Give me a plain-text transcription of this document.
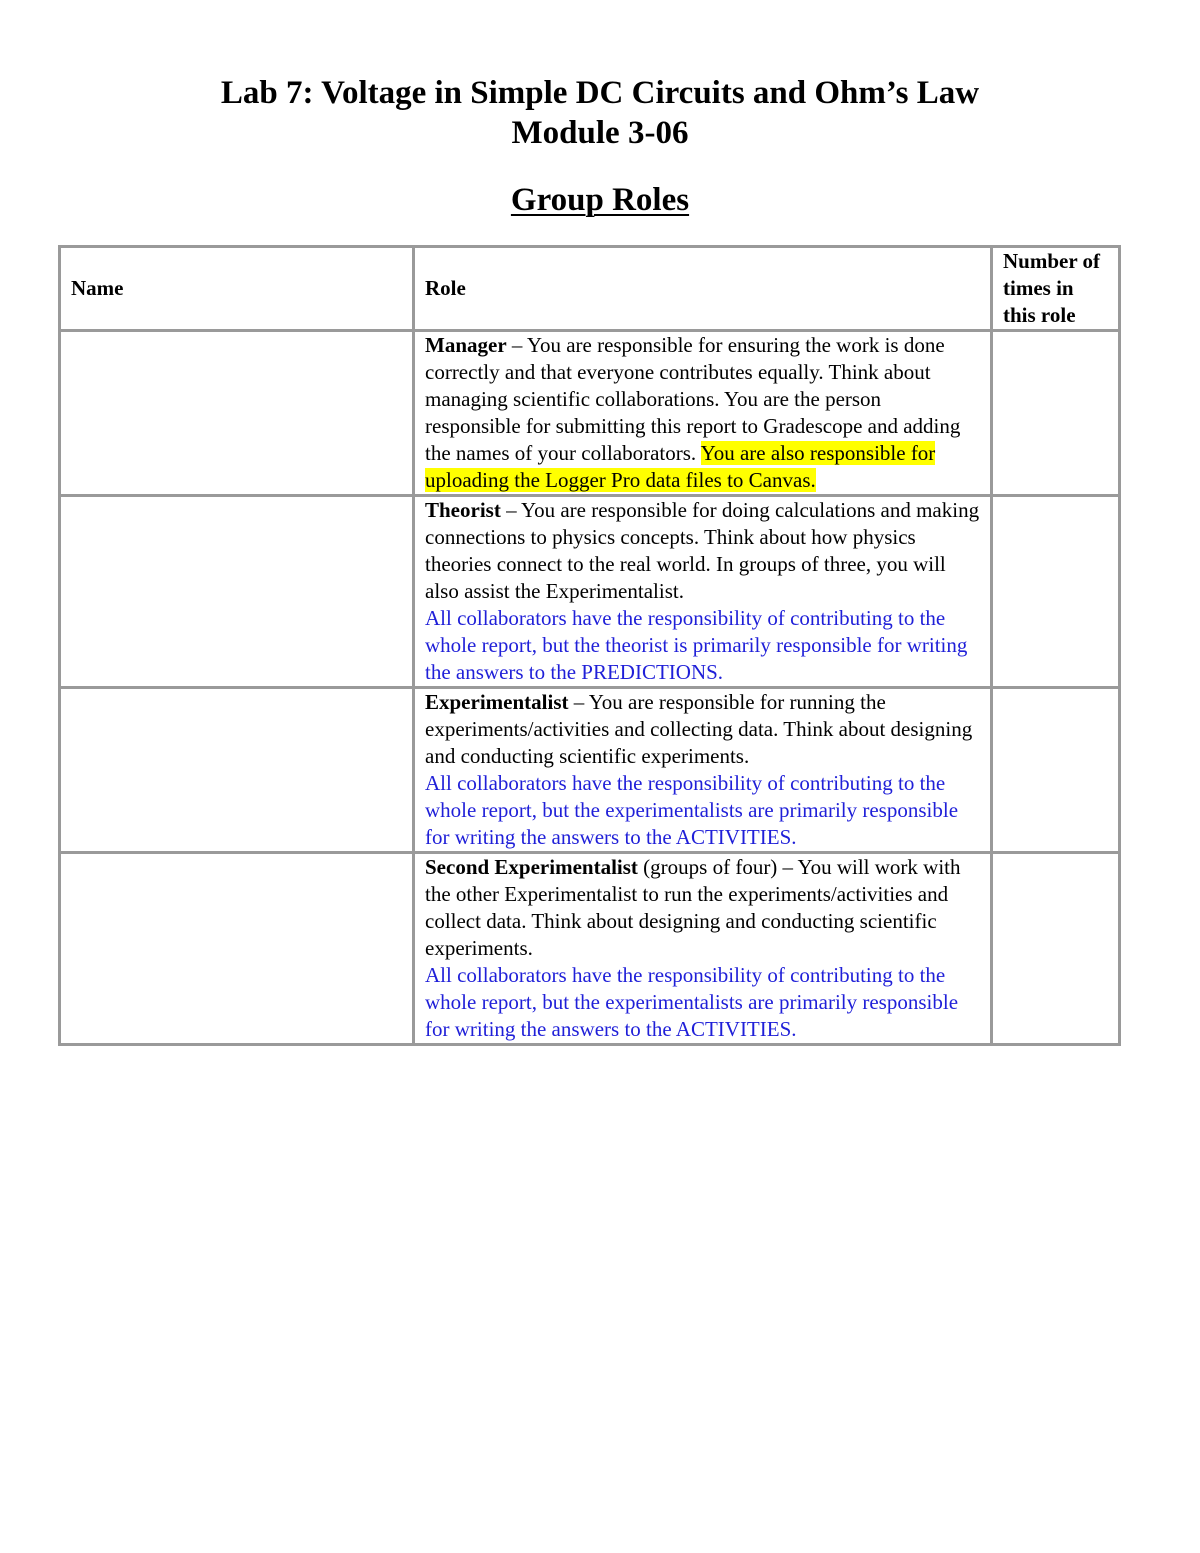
Lab 7: Voltage in Simple DC Circuits and Ohm’s Law
Module 3-06
Group Roles
Name	Role	Number of times in this role
	Manager – You are responsible for ensuring the work is done correctly and that everyone contributes equally. Think about managing scientific collaborations. You are the person responsible for submitting this report to Gradescope and adding the names of your collaborators. You are also responsible for uploading the Logger Pro data files to Canvas.	
	Theorist – You are responsible for doing calculations and making connections to physics concepts. Think about how physics theories connect to the real world. In groups of three, you will also assist the Experimentalist.
All collaborators have the responsibility of contributing to the whole report, but the theorist is primarily responsible for writing the answers to the PREDICTIONS.	
	Experimentalist – You are responsible for running the experiments/activities and collecting data. Think about designing and conducting scientific experiments.
All collaborators have the responsibility of contributing to the whole report, but the experimentalists are primarily responsible for writing the answers to the ACTIVITIES.	
	Second Experimentalist (groups of four) – You will work with the other Experimentalist to run the experiments/activities and collect data. Think about designing and conducting scientific experiments.
All collaborators have the responsibility of contributing to the whole report, but the experimentalists are primarily responsible for writing the answers to the ACTIVITIES.	
